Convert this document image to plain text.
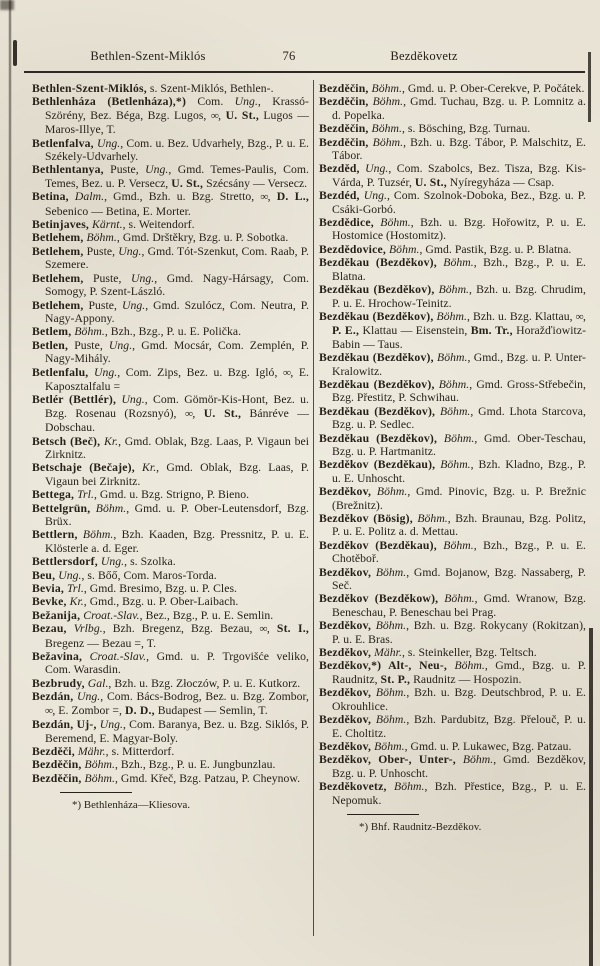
Bethlen-Szent-Miklós	76	Bezděkovetz

Bethlen-Szent-Miklós, s. Szent-Miklós, Bethlen-.

Bethlenháza (Betlenháza),*) Com. Ung., Krassó-Szörény, Bez. Béga, Bzg. Lugos, ∞, U. St., Lugos — Maros-Illye, T.

Betlenfalva, Ung., Com. u. Bez. Udvarhely, Bzg., P. u. E. Székely-Udvarhely.

Bethlentanya, Puste, Ung., Gmd. Temes-Paulis, Com. Temes, Bez. u. P. Versecz, U. St., Szécsány — Versecz.

Betina, Dalm., Gmd., Bzh. u. Bzg. Stretto, ∞, D. L., Sebenico — Betina, E. Morter.

Betinjaves, Kärnt., s. Weitendorf.

Betlehem, Böhm., Gmd. Drštěkry, Bzg. u. P. Sobotka.

Betlehem, Puste, Ung., Gmd. Tót-Szenkut, Com. Raab, P. Szemere.

Betlehem, Puste, Ung., Gmd. Nagy-Hársagy, Com. Somogy, P. Szent-László.

Betlehem, Puste, Ung., Gmd. Szulócz, Com. Neutra, P. Nagy-Appony.

Betlem, Böhm., Bzh., Bzg., P. u. E. Polička.

Betlen, Puste, Ung., Gmd. Mocsár, Com. Zemplén, P. Nagy-Mihály.

Betlenfalu, Ung., Com. Zips, Bez. u. Bzg. Igló, ∞, E. Kaposztalfalu =

Betlér (Bettlér), Ung., Com. Gömör-Kis-Hont, Bez. u. Bzg. Rosenau (Rozsnyó), ∞, U. St., Bánréve — Dobschau.

Betsch (Beč), Kr., Gmd. Oblak, Bzg. Laas, P. Vigaun bei Zirknitz.

Betschaje (Bečaje), Kr., Gmd. Oblak, Bzg. Laas, P. Vigaun bei Zirknitz.

Bettega, Trl., Gmd. u. Bzg. Strigno, P. Bieno.

Bettelgrün, Böhm., Gmd. u. P. Ober-Leutensdorf, Bzg. Brüx.

Bettlern, Böhm., Bzh. Kaaden, Bzg. Pressnitz, P. u. E. Klösterle a. d. Eger.

Bettlersdorf, Ung., s. Szolka.

Beu, Ung., s. Bőő, Com. Maros-Torda.

Bevia, Trl., Gmd. Bresimo, Bzg. u. P. Cles.

Bevke, Kr., Gmd., Bzg. u. P. Ober-Laibach.

Bežanija, Croat.-Slav., Bez., Bzg., P. u. E. Semlin.

Bezau, Vrlbg., Bzh. Bregenz, Bzg. Bezau, ∞, St. I., Bregenz — Bezau =, T.

Bežavina, Croat.-Slav., Gmd. u. P. Trgovišće veliko, Com. Warasdin.

Bezbrudy, Gal., Bzh. u. Bzg. Złoczów, P. u. E. Kutkorz.

Bezdán, Ung., Com. Bács-Bodrog, Bez. u. Bzg. Zombor, ∞, E. Zombor =, D. D., Budapest — Semlin, T.

Bezdán, Uj-, Ung., Com. Baranya, Bez. u. Bzg. Siklós, P. Beremend, E. Magyar-Boly.

Bezděči, Mähr., s. Mitterdorf.

Bezděčin, Böhm., Bzh., Bzg., P. u. E. Jungbunzlau.

Bezděčin, Böhm., Gmd. Křeč, Bzg. Patzau, P. Cheynow.

*) Bethlenháza—Kliesova.

Bezděčin, Böhm., Gmd. u. P. Ober-Cerekve, P. Počátek.

Bezděčin, Böhm., Gmd. Tuchau, Bzg. u. P. Lomnitz a. d. Popelka.

Bezděčin, Böhm., s. Bösching, Bzg. Turnau.

Bezděčin, Böhm., Bzh. u. Bzg. Tábor, P. Malschitz, E. Tábor.

Bezděd, Ung., Com. Szabolcs, Bez. Tisza, Bzg. Kis-Várda, P. Tuzsér, U. St., Nyíregyháza — Csap.

Bezdéd, Ung., Com. Szolnok-Doboka, Bez., Bzg. u. P. Csáki-Gorbó.

Bezdědice, Böhm., Bzh. u. Bzg. Hořowitz, P. u. E. Hostomice (Hostomitz).

Bezdědovice, Böhm., Gmd. Pastik, Bzg. u. P. Blatna.

Bezděkau (Bezděkov), Böhm., Bzh., Bzg., P. u. E. Blatna.

Bezděkau (Bezděkov), Böhm., Bzh. u. Bzg. Chrudim, P. u. E. Hrochow-Teinitz.

Bezděkau (Bezděkov), Böhm., Bzh. u. Bzg. Klattau, ∞, P. E., Klattau — Eisenstein, Bm. Tr., Horažďiowitz-Babin — Taus.

Bezděkau (Bezděkov), Böhm., Gmd., Bzg. u. P. Unter-Kralowitz.

Bezděkau (Bezděkov), Böhm., Gmd. Gross-Střebečin, Bzg. Přestitz, P. Schwihau.

Bezděkau (Bezděkov), Böhm., Gmd. Lhota Starcova, Bzg. u. P. Sedlec.

Bezděkau (Bezděkov), Böhm., Gmd. Ober-Teschau, Bzg. u. P. Hartmanitz.

Bezděkov (Bezděkau), Böhm., Bzh. Kladno, Bzg., P. u. E. Unhoscht.

Bezděkov, Böhm., Gmd. Pinovic, Bzg. u. P. Brežnic (Brežnitz).

Bezděkov (Bösig), Böhm., Bzh. Braunau, Bzg. Politz, P. u. E. Politz a. d. Mettau.

Bezděkov (Bezděkau), Böhm., Bzh., Bzg., P. u. E. Chotěboř.

Bezděkov, Böhm., Gmd. Bojanow, Bzg. Nassaberg, P. Seč.

Bezděkov (Bezděkow), Böhm., Gmd. Wranow, Bzg. Beneschau, P. Beneschau bei Prag.

Bezděkov, Böhm., Bzh. u. Bzg. Rokycany (Rokitzan), P. u. E. Bras.

Bezděkov, Mähr., s. Steinkeller, Bzg. Teltsch.

Bezděkov,*) Alt-, Neu-, Böhm., Gmd., Bzg. u. P. Raudnitz, St. P., Raudnitz — Hospozin.

Bezděkov, Böhm., Bzh. u. Bzg. Deutschbrod, P. u. E. Okrouhlice.

Bezděkov, Böhm., Bzh. Pardubitz, Bzg. Přelouč, P. u. E. Choltitz.

Bezděkov, Böhm., Gmd. u. P. Lukawec, Bzg. Patzau.

Bezděkov, Ober-, Unter-, Böhm., Gmd. Bezděkov, Bzg. u. P. Unhoscht.

Bezděkovetz, Böhm., Bzh. Přestice, Bzg., P. u. E. Nepomuk.

*) Bhf. Raudnitz-Bezděkov.
